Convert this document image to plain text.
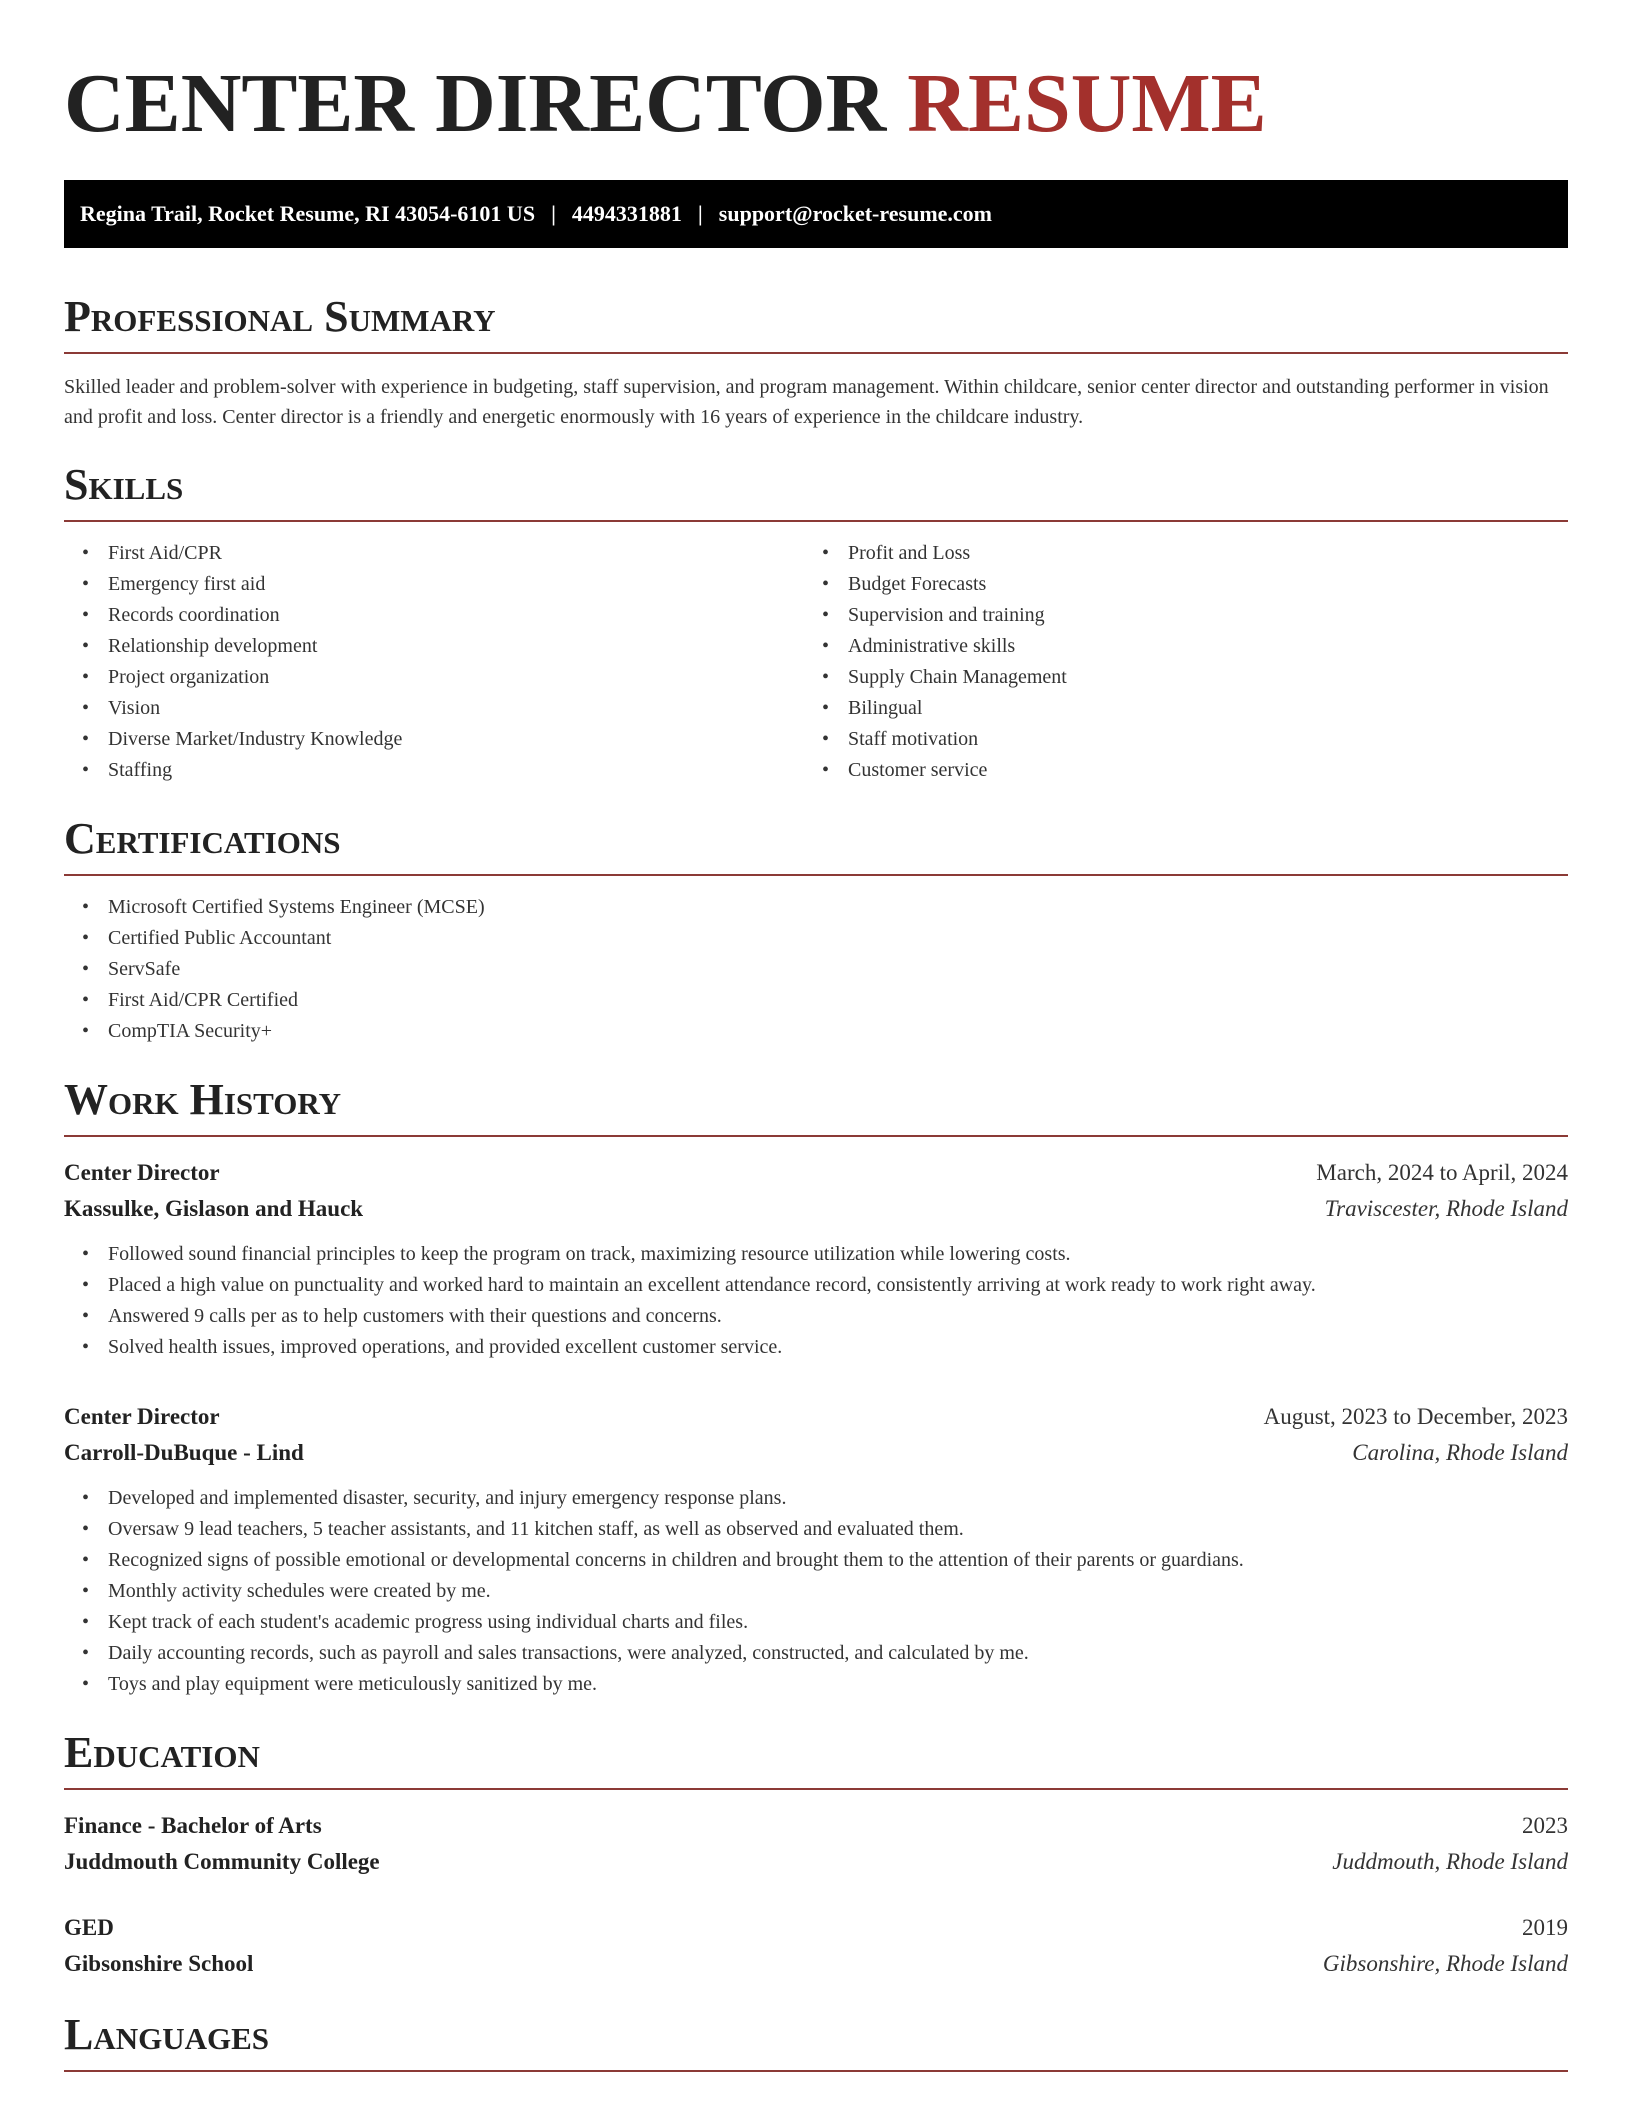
CENTER DIRECTOR RESUME
Regina Trail, Rocket Resume, RI 43054-6101 US | 4494331881 | support@rocket-resume.com
Professional Summary

Skilled leader and problem-solver with experience in budgeting, staff supervision, and program management. Within childcare, senior center director and outstanding performer in vision and profit and loss. Center director is a friendly and energetic enormously with 16 years of experience in the childcare industry.

Skills
• First Aid/CPR
• Emergency first aid
• Records coordination
• Relationship development
• Project organization
• Vision
• Diverse Market/Industry Knowledge
• Staffing
• Profit and Loss
• Budget Forecasts
• Supervision and training
• Administrative skills
• Supply Chain Management
• Bilingual
• Staff motivation
• Customer service
Certifications
• Microsoft Certified Systems Engineer (MCSE)
• Certified Public Accountant
• ServSafe
• First Aid/CPR Certified
• CompTIA Security+
Work History
Center Director	March, 2024 to April, 2024
Kassulke, Gislason and Hauck	Traviscester, Rhode Island
• Followed sound financial principles to keep the program on track, maximizing resource utilization while lowering costs.
• Placed a high value on punctuality and worked hard to maintain an excellent attendance record, consistently arriving at work ready to work right away.
• Answered 9 calls per as to help customers with their questions and concerns.
• Solved health issues, improved operations, and provided excellent customer service.
Center Director	August, 2023 to December, 2023
Carroll-DuBuque - Lind	Carolina, Rhode Island
• Developed and implemented disaster, security, and injury emergency response plans.
• Oversaw 9 lead teachers, 5 teacher assistants, and 11 kitchen staff, as well as observed and evaluated them.
• Recognized signs of possible emotional or developmental concerns in children and brought them to the attention of their parents or guardians.
• Monthly activity schedules were created by me.
• Kept track of each student's academic progress using individual charts and files.
• Daily accounting records, such as payroll and sales transactions, were analyzed, constructed, and calculated by me.
• Toys and play equipment were meticulously sanitized by me.
Education
Finance - Bachelor of Arts	2023
Juddmouth Community College	Juddmouth, Rhode Island
GED	2019
Gibsonshire School	Gibsonshire, Rhode Island
Languages
